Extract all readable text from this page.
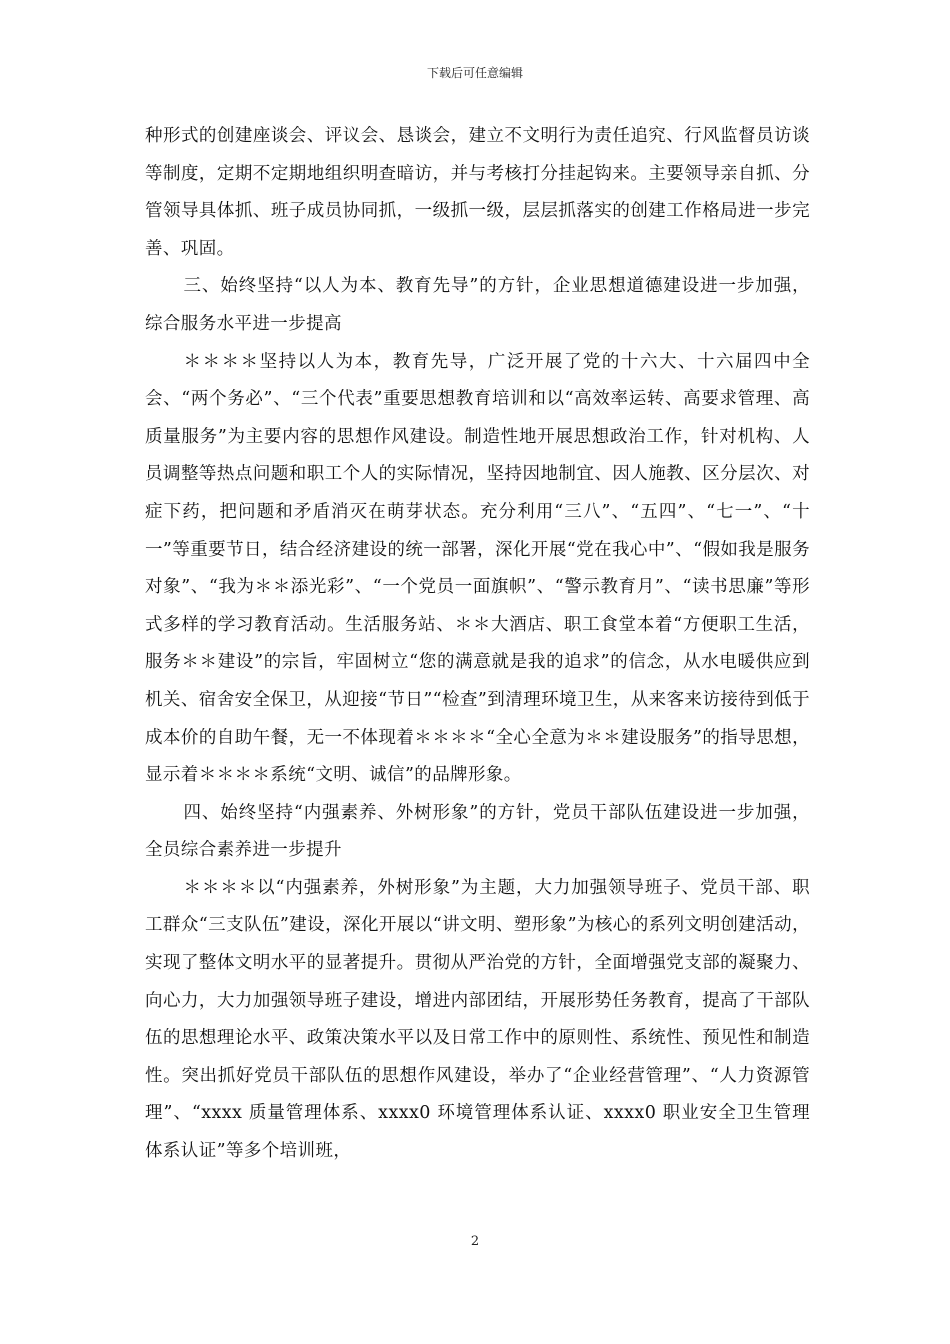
下载后可任意编辑

种形式的创建座谈会、评议会、恳谈会，建立不文明行为责任追究、行风监督员访谈等制度，定期不定期地组织明查暗访，并与考核打分挂起钩来。主要领导亲自抓、分管领导具体抓、班子成员协同抓，一级抓一级，层层抓落实的创建工作格局进一步完善、巩固。

三、始终坚持“以人为本、教育先导”的方针，企业思想道德建设进一步加强，综合服务水平进一步提高

＊＊＊＊坚持以人为本，教育先导，广泛开展了党的十六大、十六届四中全会、“两个务必”、“三个代表”重要思想教育培训和以“高效率运转、高要求管理、高质量服务”为主要内容的思想作风建设。制造性地开展思想政治工作，针对机构、人员调整等热点问题和职工个人的实际情况，坚持因地制宜、因人施教、区分层次、对症下药，把问题和矛盾消灭在萌芽状态。充分利用“三八”、“五四”、“七一”、“十一”等重要节日，结合经济建设的统一部署，深化开展“党在我心中”、“假如我是服务对象”、“我为＊＊添光彩”、“一个党员一面旗帜”、“警示教育月”、“读书思廉”等形式多样的学习教育活动。生活服务站、＊＊大酒店、职工食堂本着“方便职工生活，服务＊＊建设”的宗旨，牢固树立“您的满意就是我的追求”的信念，从水电暖供应到机关、宿舍安全保卫，从迎接“节日”“检查”到清理环境卫生，从来客来访接待到低于成本价的自助午餐，无一不体现着＊＊＊＊“全心全意为＊＊建设服务”的指导思想，显示着＊＊＊＊系统“文明、诚信”的品牌形象。

四、始终坚持“内强素养、外树形象”的方针，党员干部队伍建设进一步加强，全员综合素养进一步提升

＊＊＊＊以“内强素养，外树形象”为主题，大力加强领导班子、党员干部、职工群众“三支队伍”建设，深化开展以“讲文明、塑形象”为核心的系列文明创建活动，实现了整体文明水平的显著提升。贯彻从严治党的方针，全面增强党支部的凝聚力、向心力，大力加强领导班子建设，增进内部团结，开展形势任务教育，提高了干部队伍的思想理论水平、政策决策水平以及日常工作中的原则性、系统性、预见性和制造性。突出抓好党员干部队伍的思想作风建设，举办了“企业经营管理”、“人力资源管理”、“xxxx 质量管理体系、xxxx0 环境管理体系认证、xxxx0 职业安全卫生管理体系认证”等多个培训班，

2
